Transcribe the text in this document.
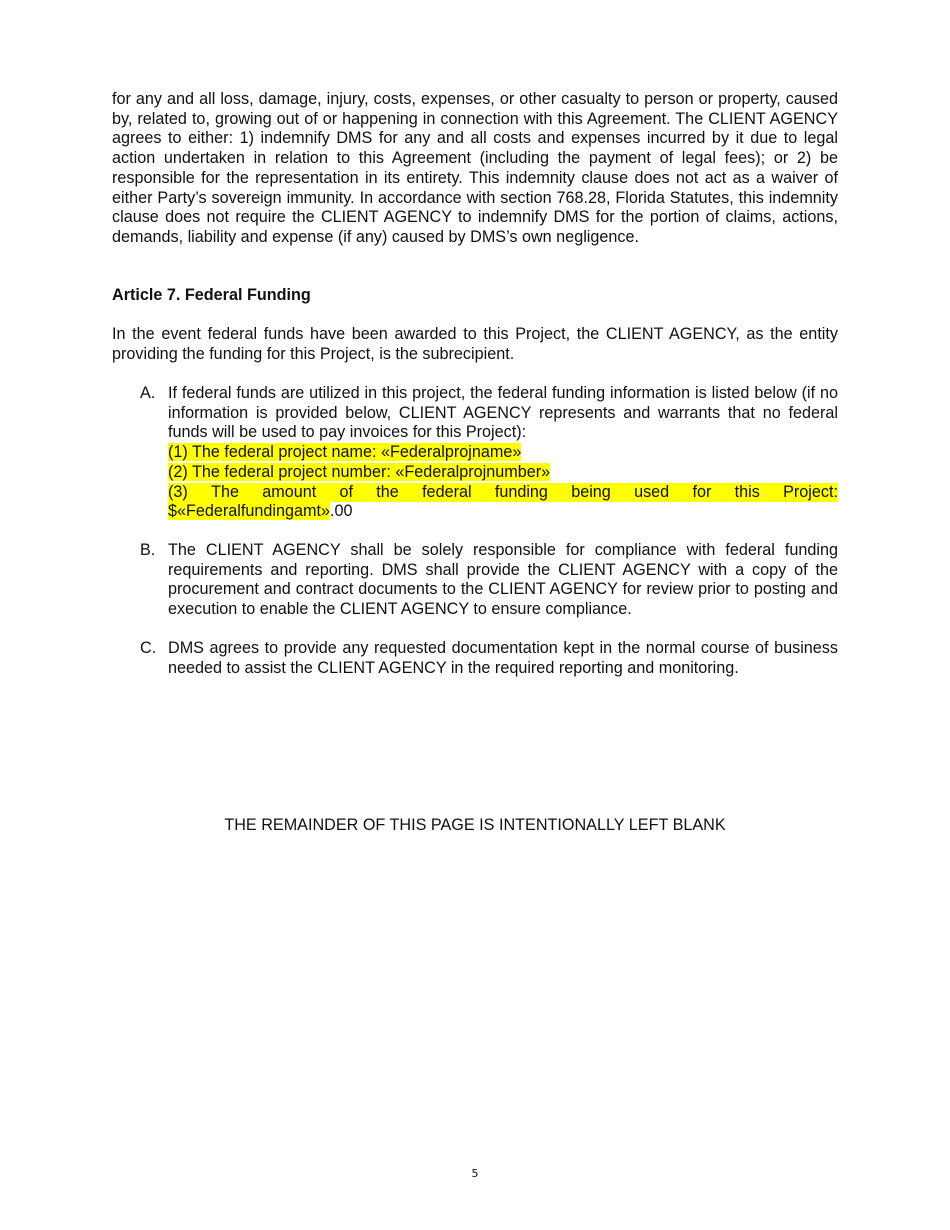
for any and all loss, damage, injury, costs, expenses, or other casualty to person or property, caused by, related to, growing out of or happening in connection with this Agreement. The CLIENT AGENCY agrees to either: 1) indemnify DMS for any and all costs and expenses incurred by it due to legal action undertaken in relation to this Agreement (including the payment of legal fees); or 2) be responsible for the representation in its entirety. This indemnity clause does not act as a waiver of either Party’s sovereign immunity. In accordance with section 768.28, Florida Statutes, this indemnity clause does not require the CLIENT AGENCY to indemnify DMS for the portion of claims, actions, demands, liability and expense (if any) caused by DMS’s own negligence.
Article 7. Federal Funding
In the event federal funds have been awarded to this Project, the CLIENT AGENCY, as the entity providing the funding for this Project, is the subrecipient.
A. If federal funds are utilized in this project, the federal funding information is listed below (if no information is provided below, CLIENT AGENCY represents and warrants that no federal funds will be used to pay invoices for this Project):
(1) The federal project name: «Federalprojname»
(2) The federal project number: «Federalprojnumber»
(3) The amount of the federal funding being used for this Project:
$«Federalfundingamt».00
B. The CLIENT AGENCY shall be solely responsible for compliance with federal funding requirements and reporting. DMS shall provide the CLIENT AGENCY with a copy of the procurement and contract documents to the CLIENT AGENCY for review prior to posting and execution to enable the CLIENT AGENCY to ensure compliance.
C. DMS agrees to provide any requested documentation kept in the normal course of business needed to assist the CLIENT AGENCY in the required reporting and monitoring.
THE REMAINDER OF THIS PAGE IS INTENTIONALLY LEFT BLANK
5
